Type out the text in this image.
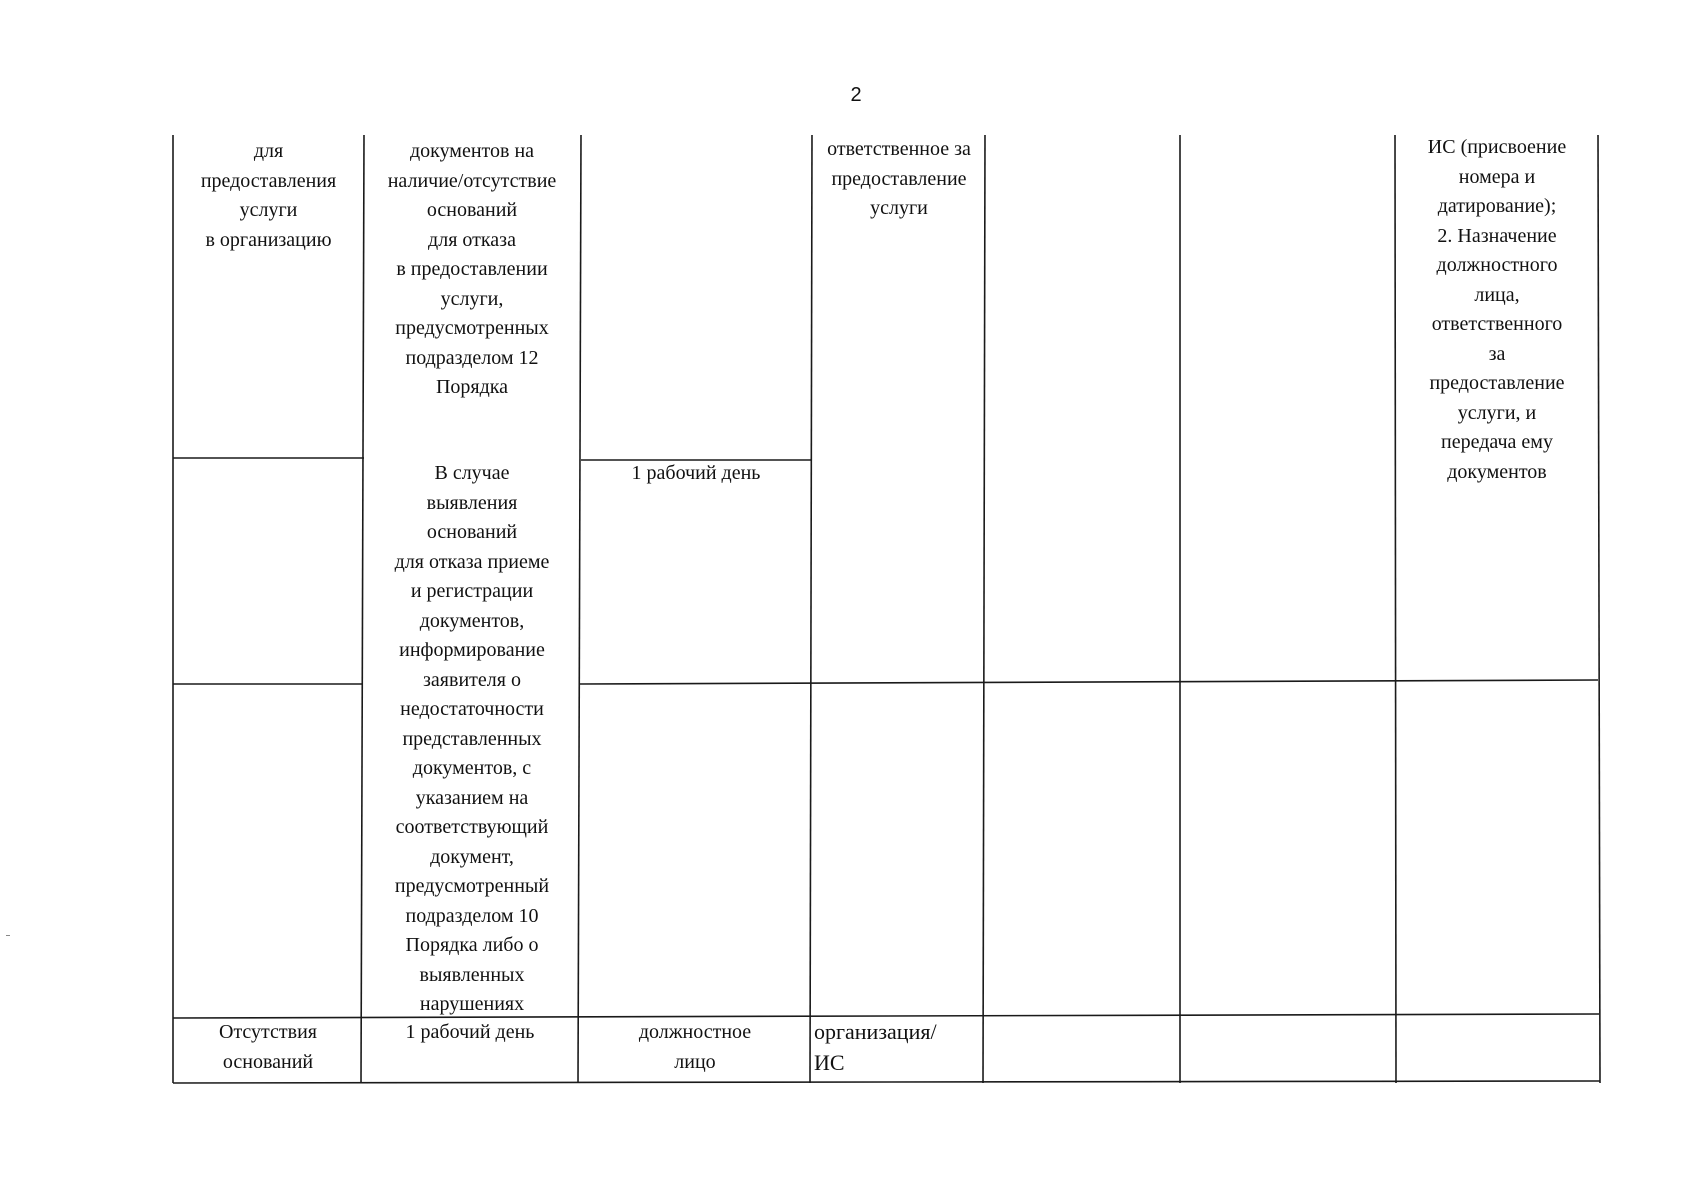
2
для
предоставления
услуги
в организацию
документов на
наличие/отсутствие
оснований
для отказа
в предоставлении
услуги,
предусмотренных
подразделом 12
Порядка
ответственное за
предоставление
услуги
ИС (присвоение
номера и
датирование);
2. Назначение
должностного
лица,
ответственного
за
предоставление
услуги, и
передача ему
документов
В случае
выявления
оснований
для отказа приеме
и регистрации
документов,
информирование
заявителя о
недостаточности
представленных
документов, с
указанием на
соответствующий
документ,
предусмотренный
подразделом 10
Порядка либо о
выявленных
нарушениях
1 рабочий день
Отсутствия
оснований
1 рабочий день	должностное
лицо
организация/
ИС
